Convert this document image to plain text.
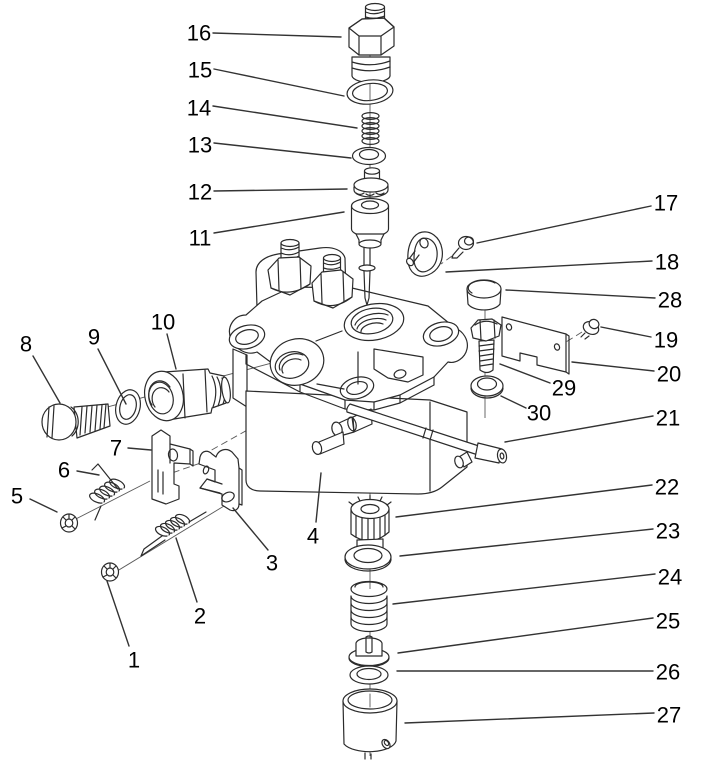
1
2
3
4
5
6
7
8	9
10
11
12
13
14
15
16
17
18
19
20
21
22
23
24
25
26
27
28
29
30
